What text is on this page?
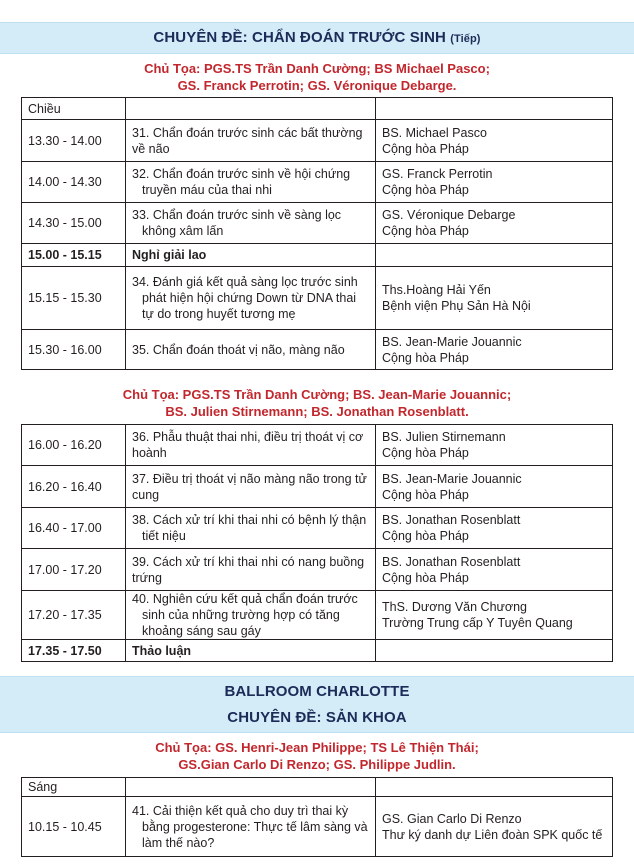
CHUYÊN ĐỀ: CHẨN ĐOÁN TRƯỚC SINH (Tiếp)
Chủ Tọa: PGS.TS Trần Danh Cường; BS Michael Pasco;
GS. Franck Perrotin; GS. Véronique Debarge.
Chiều		
13.30 - 14.00	31. Chẩn đoán trước sinh các bất thường về não	BS. Michael Pasco
Cộng hòa Pháp

14.00 - 14.30	32. Chẩn đoán trước sinh về hội chứng truyền máu của thai nhi	GS. Franck Perrotin
Cộng hòa Pháp

14.30 - 15.00	33. Chẩn đoán trước sinh về sàng lọc không xâm lấn	GS. Véronique Debarge
Cộng hòa Pháp

15.00 - 15.15	Nghỉ giải lao	
15.15 - 15.30	34. Đánh giá kết quả sàng lọc trước sinh phát hiện hội chứng Down từ DNA thai tự do trong huyết tương mẹ	Ths.Hoàng Hải Yến
Bệnh viện Phụ Sản Hà Nội

15.30 - 16.00	35. Chẩn đoán thoát vị não, màng não	BS. Jean-Marie Jouannic
Cộng hòa Pháp
Chủ Tọa: PGS.TS Trần Danh Cường; BS. Jean-Marie Jouannic;
BS. Julien Stirnemann; BS. Jonathan Rosenblatt.
16.00 - 16.20	36. Phẫu thuật thai nhi, điều trị thoát vị cơ hoành	BS. Julien Stirnemann
Cộng hòa Pháp

16.20 - 16.40	37. Điều trị thoát vị não màng não trong tử cung	BS. Jean-Marie Jouannic
Cộng hòa Pháp

16.40 - 17.00	38. Cách xử trí khi thai nhi có bệnh lý thận tiết niệu	BS. Jonathan Rosenblatt
Cộng hòa Pháp

17.00 - 17.20	39. Cách xử trí khi thai nhi có nang buồng trứng	BS. Jonathan Rosenblatt
Cộng hòa Pháp

17.20 - 17.35	40. Nghiên cứu kết quả chẩn đoán trước sinh của những trường hợp có tăng khoảng sáng sau gáy	ThS. Dương Văn Chương
Trường Trung cấp Y Tuyên Quang

17.35 - 17.50	Thảo luận	
BALLROOM CHARLOTTE
CHUYÊN ĐỀ: SẢN KHOA
Chủ Tọa: GS. Henri-Jean Philippe; TS Lê Thiện Thái;
GS.Gian Carlo Di Renzo; GS. Philippe Judlin.
Sáng		
10.15 - 10.45	41. Cải thiện kết quả cho duy trì thai kỳ bằng progesterone: Thực tế lâm sàng và làm thế nào?	GS. Gian Carlo Di Renzo
Thư ký danh dự Liên đoàn SPK quốc tế
